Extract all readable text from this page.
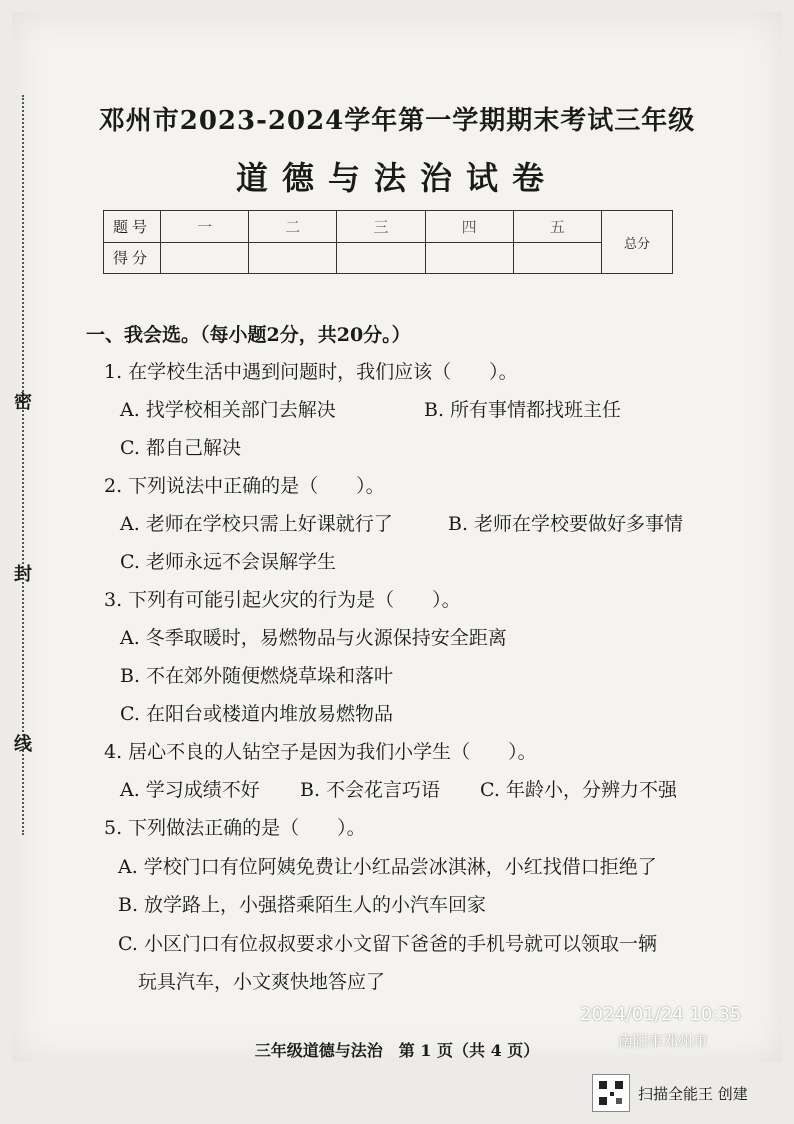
密
封
线
邓州市2023-2024学年第一学期期末考试三年级
道德与法治试卷
题号	一	二	三	四	五	总分
得分						
一、我会选。（每小题2分，共20分。）
1. 在学校生活中遇到问题时，我们应该（　　）。
A. 找学校相关部门去解决	B. 所有事情都找班主任
C. 都自己解决
2. 下列说法中正确的是（　　）。
A. 老师在学校只需上好课就行了	B. 老师在学校要做好多事情
C. 老师永远不会误解学生
3. 下列有可能引起火灾的行为是（　　）。
A. 冬季取暖时，易燃物品与火源保持安全距离
B. 不在郊外随便燃烧草垛和落叶
C. 在阳台或楼道内堆放易燃物品
4. 居心不良的人钻空子是因为我们小学生（　　）。
A. 学习成绩不好 B. 不会花言巧语 C. 年龄小，分辨力不强
5. 下列做法正确的是（　　）。
A. 学校门口有位阿姨免费让小红品尝冰淇淋，小红找借口拒绝了
B. 放学路上，小强搭乘陌生人的小汽车回家
C. 小区门口有位叔叔要求小文留下爸爸的手机号就可以领取一辆
玩具汽车，小文爽快地答应了
三年级道德与法治　第 1 页（共 4 页）
2024/01/24 10:35
南阳市邓州市
扫描全能王 创建
